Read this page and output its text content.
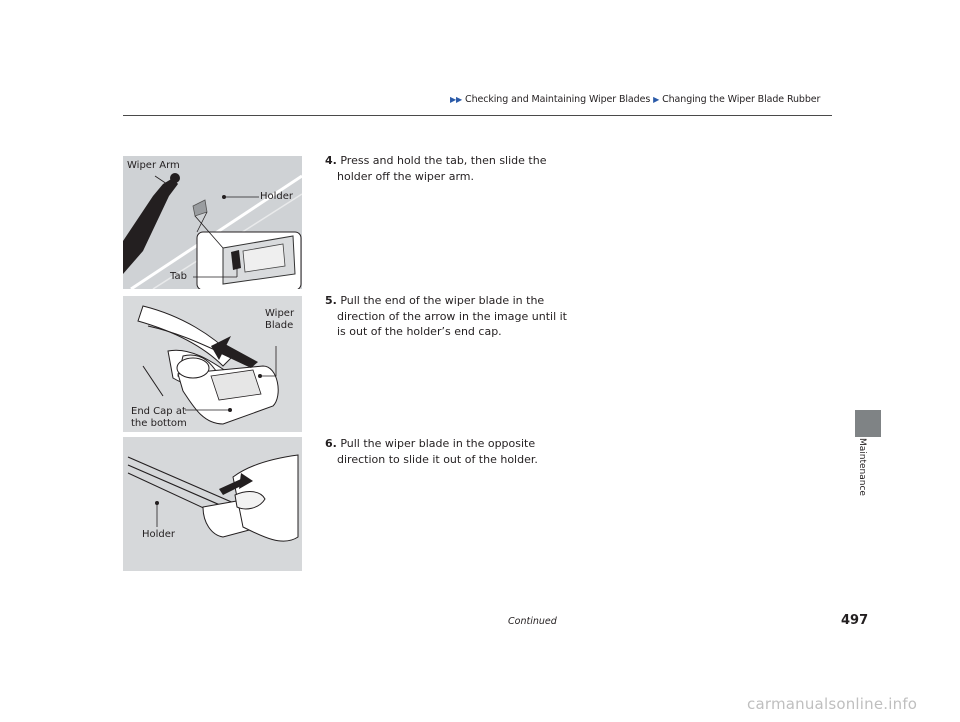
▶▶ Checking and Maintaining Wiper Blades ▶ Changing the Wiper Blade Rubber
Wiper Arm
Holder
Tab
Wiper
Blade
End Cap at
the bottom
Holder
4. Press and hold the tab, then slide the holder off the wiper arm.
5. Pull the end of the wiper blade in the direction of the arrow in the image until it is out of the holder’s end cap.
6. Pull the wiper blade in the opposite direction to slide it out of the holder.	Maintenance
Continued	497
carmanualsonline.info
